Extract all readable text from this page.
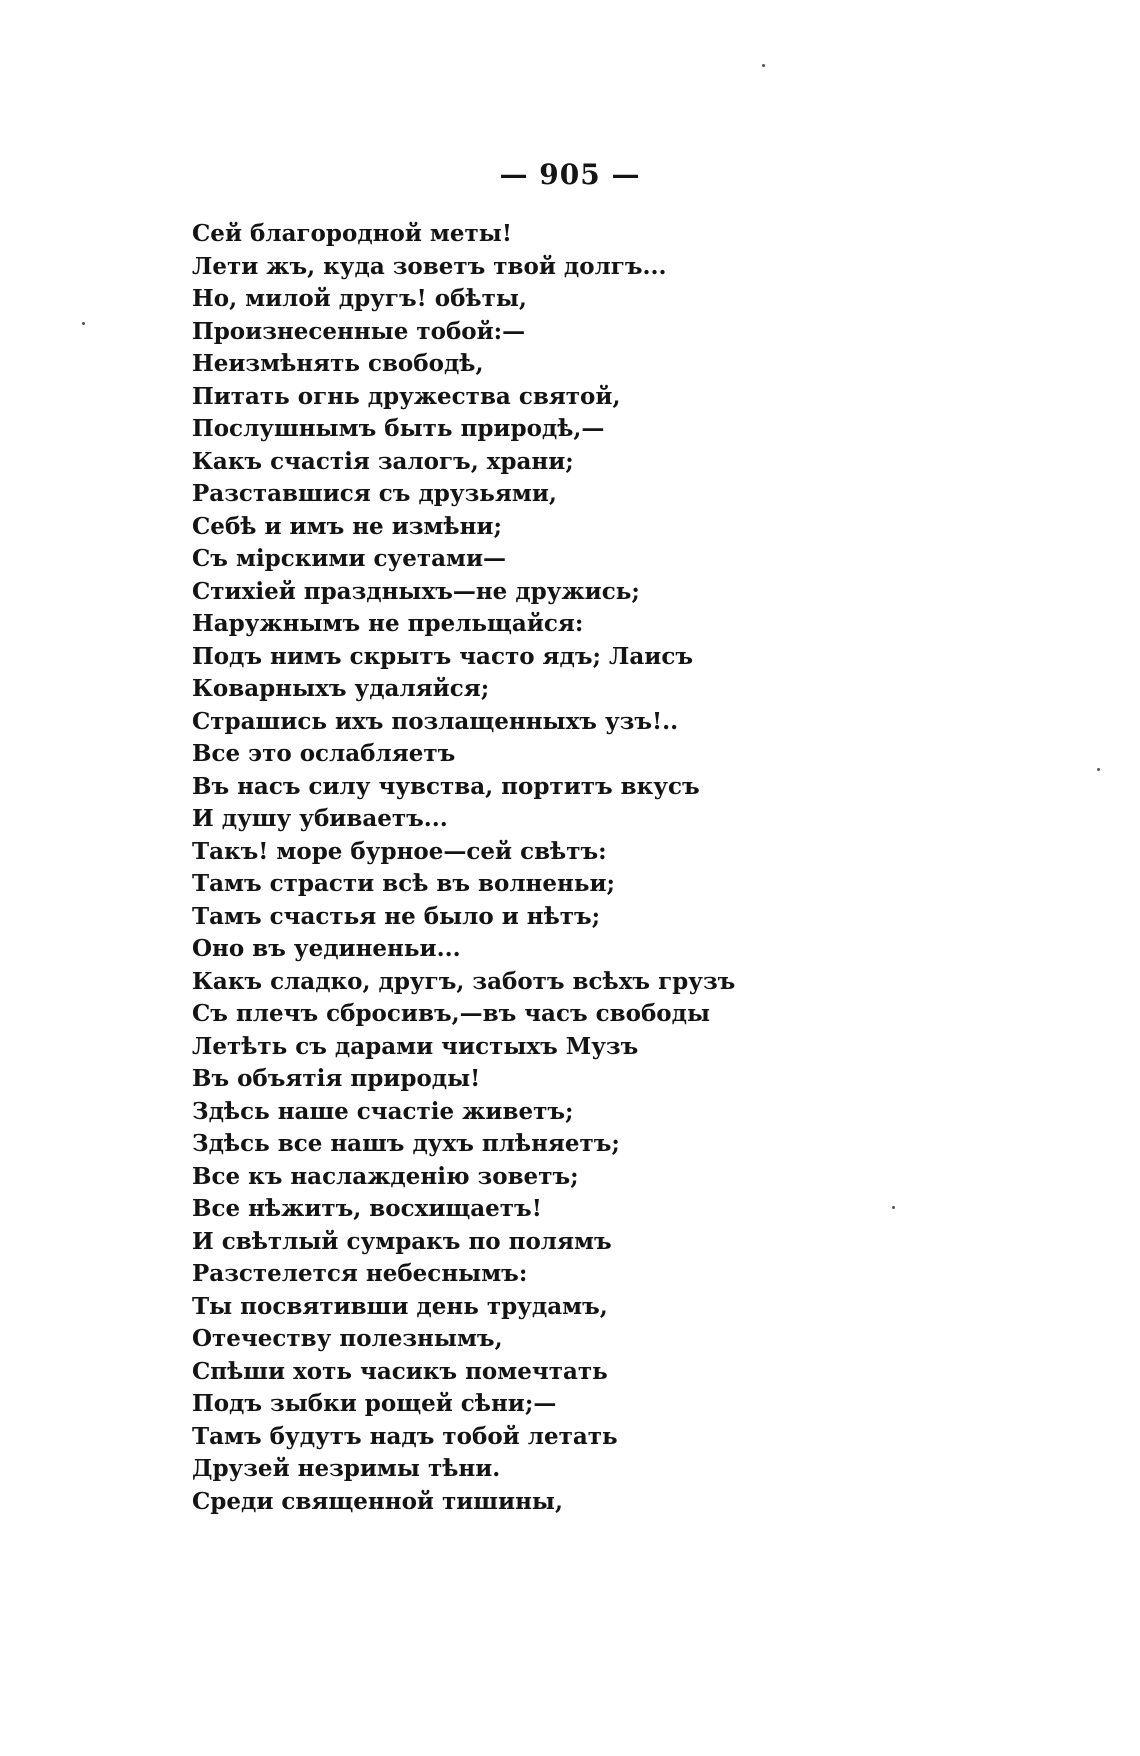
— 905 —
Сей благородной меты!
Лети жъ, куда зоветъ твой долгъ...
Но, милой другъ! обѣты,
Произнесенные тобой:—
Неизмѣнять свободѣ,
Питать огнь дружества святой,
Послушнымъ быть природѣ,—
Какъ счастія залогъ, храни;
Разставшися съ друзьями,
Себѣ и имъ не измѣни;
Съ мірскими суетами—
Стихіей праздныхъ—не дружись;
Наружнымъ не прельщайся:
Подъ нимъ скрытъ часто ядъ; Лаисъ
Коварныхъ удаляйся;
Страшись ихъ позлащенныхъ узъ!..
Все это ослабляетъ
Въ насъ силу чувства, портитъ вкусъ
И душу убиваетъ...
Такъ! море бурное—сей свѣтъ:
Тамъ страсти всѣ въ волненьи;
Тамъ счастья не было и нѣтъ;
Оно въ уединеньи...
Какъ сладко, другъ, заботъ всѣхъ грузъ
Съ плечъ сбросивъ,—въ часъ свободы
Летѣть съ дарами чистыхъ Музъ
Въ объятія природы!
Здѣсь наше счастіе живетъ;
Здѣсь все нашъ духъ плѣняетъ;
Все къ наслажденію зоветъ;
Все нѣжитъ, восхищаетъ!
И свѣтлый сумракъ по полямъ
Разстелется небеснымъ:
Ты посвятивши день трудамъ,
Отечеству полезнымъ,
Спѣши хоть часикъ помечтать
Подъ зыбки рощей сѣни;—
Тамъ будутъ надъ тобой летать
Друзей незримы тѣни.
Среди священной тишины,
